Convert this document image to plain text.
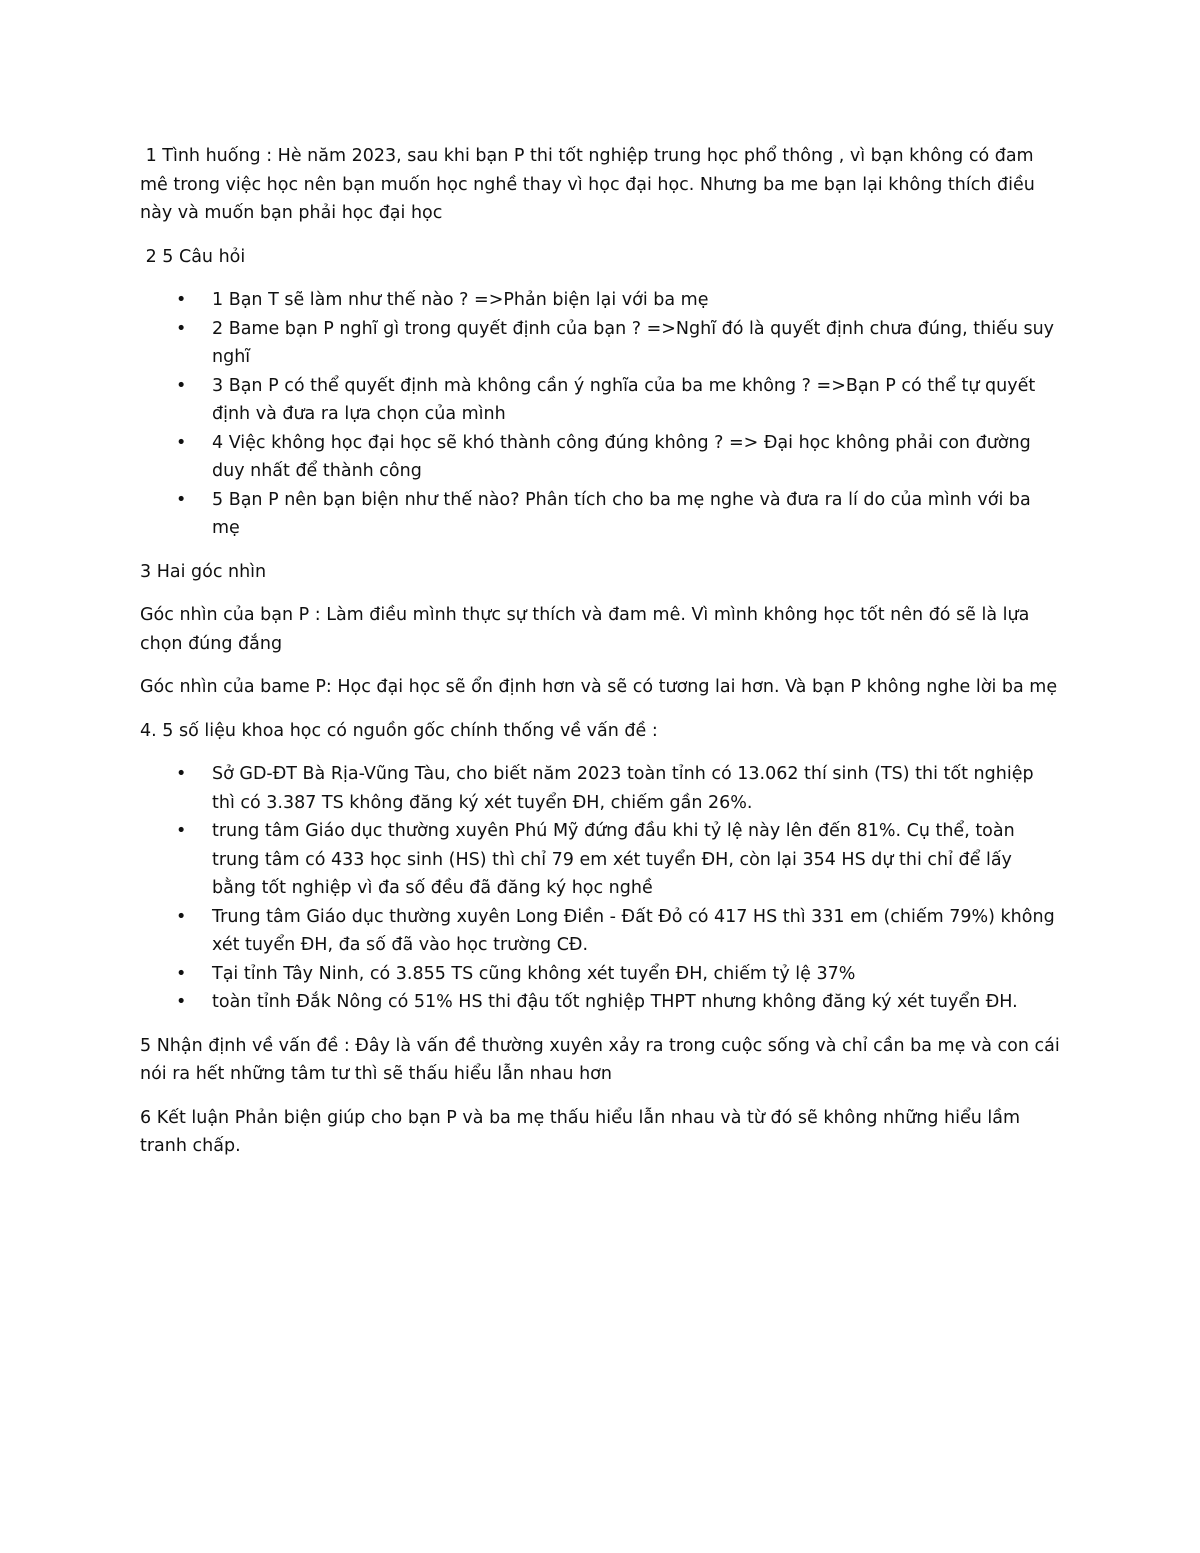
1 Tình huống : Hè năm 2023, sau khi bạn P thi tốt nghiệp trung học phổ thông , vì bạn không có đam mê trong việc học nên bạn muốn học nghề thay vì học đại học. Nhưng ba me bạn lại không thích điều này và muốn bạn phải học đại học

2 5 Câu hỏi

• 1 Bạn T sẽ làm như thế nào ? =>Phản biện lại với ba mẹ
• 2 Bame bạn P nghĩ gì trong quyết định của bạn ? =>Nghĩ đó là quyết định chưa đúng, thiếu suy nghĩ
• 3 Bạn P có thể quyết định mà không cần ý nghĩa của ba me không ? =>Bạn P có thể tự quyết định và đưa ra lựa chọn của mình
• 4 Việc không học đại học sẽ khó thành công đúng không ? => Đại học không phải con đường duy nhất để thành công
• 5 Bạn P nên bạn biện như thế nào? Phân tích cho ba mẹ nghe và đưa ra lí do của mình với ba mẹ

3 Hai góc nhìn

Góc nhìn của bạn P : Làm điều mình thực sự thích và đam mê. Vì mình không học tốt nên đó sẽ là lựa chọn đúng đắng

Góc nhìn của bame P: Học đại học sẽ ổn định hơn và sẽ có tương lai hơn. Và bạn P không nghe lời ba mẹ

4. 5 số liệu khoa học có nguồn gốc chính thống về vấn đề :

• Sở GD-ĐT Bà Rịa-Vũng Tàu, cho biết năm 2023 toàn tỉnh có 13.062 thí sinh (TS) thi tốt nghiệp thì có 3.387 TS không đăng ký xét tuyển ĐH, chiếm gần 26%.
• trung tâm Giáo dục thường xuyên Phú Mỹ đứng đầu khi tỷ lệ này lên đến 81%. Cụ thể, toàn trung tâm có 433 học sinh (HS) thì chỉ 79 em xét tuyển ĐH, còn lại 354 HS dự thi chỉ để lấy bằng tốt nghiệp vì đa số đều đã đăng ký học nghề
• Trung tâm Giáo dục thường xuyên Long Điền - Đất Đỏ có 417 HS thì 331 em (chiếm 79%) không xét tuyển ĐH, đa số đã vào học trường CĐ.
• Tại tỉnh Tây Ninh, có 3.855 TS cũng không xét tuyển ĐH, chiếm tỷ lệ 37%
• toàn tỉnh Đắk Nông có 51% HS thi đậu tốt nghiệp THPT nhưng không đăng ký xét tuyển ĐH.

5 Nhận định về vấn đề : Đây là vấn đề thường xuyên xảy ra trong cuộc sống và chỉ cần ba mẹ và con cái nói ra hết những tâm tư thì sẽ thấu hiểu lẫn nhau hơn

6 Kết luận Phản biện giúp cho bạn P và ba mẹ thấu hiểu lẫn nhau và từ đó sẽ không những hiểu lầm tranh chấp.
